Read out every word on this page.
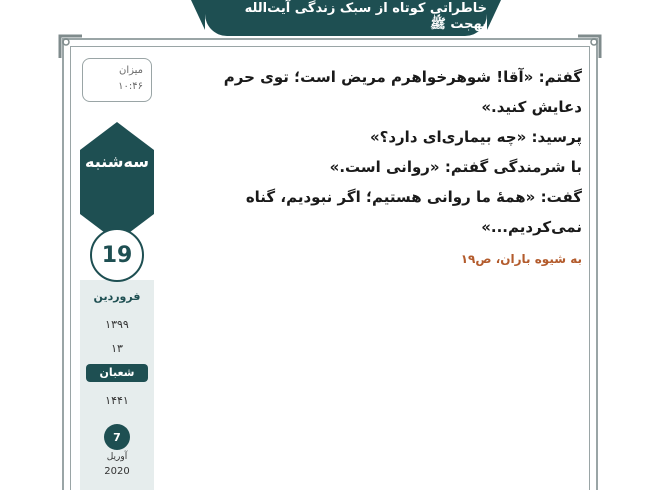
خاطراتی کوتاه از سبک زندگی آیت‌الله بهجت ﷺ
میزان
۱۰:۴۶
سه‌شنبه
19
فروردین
۱۳۹۹
۱۳
شعبان
۱۴۴۱
7
آوریل
2020

گفتم: «آقا! شوهرخواهرم مریض است؛ توی حرم دعایش کنید.»

پرسید: «چه بیماری‌ای دارد؟»

با شرمندگی گفتم: «روانی است.»

گفت: «همهٔ ما روانی هستیم؛ اگر نبودیم، گناه نمی‌کردیم...»

به شیوه باران، ص۱۹
